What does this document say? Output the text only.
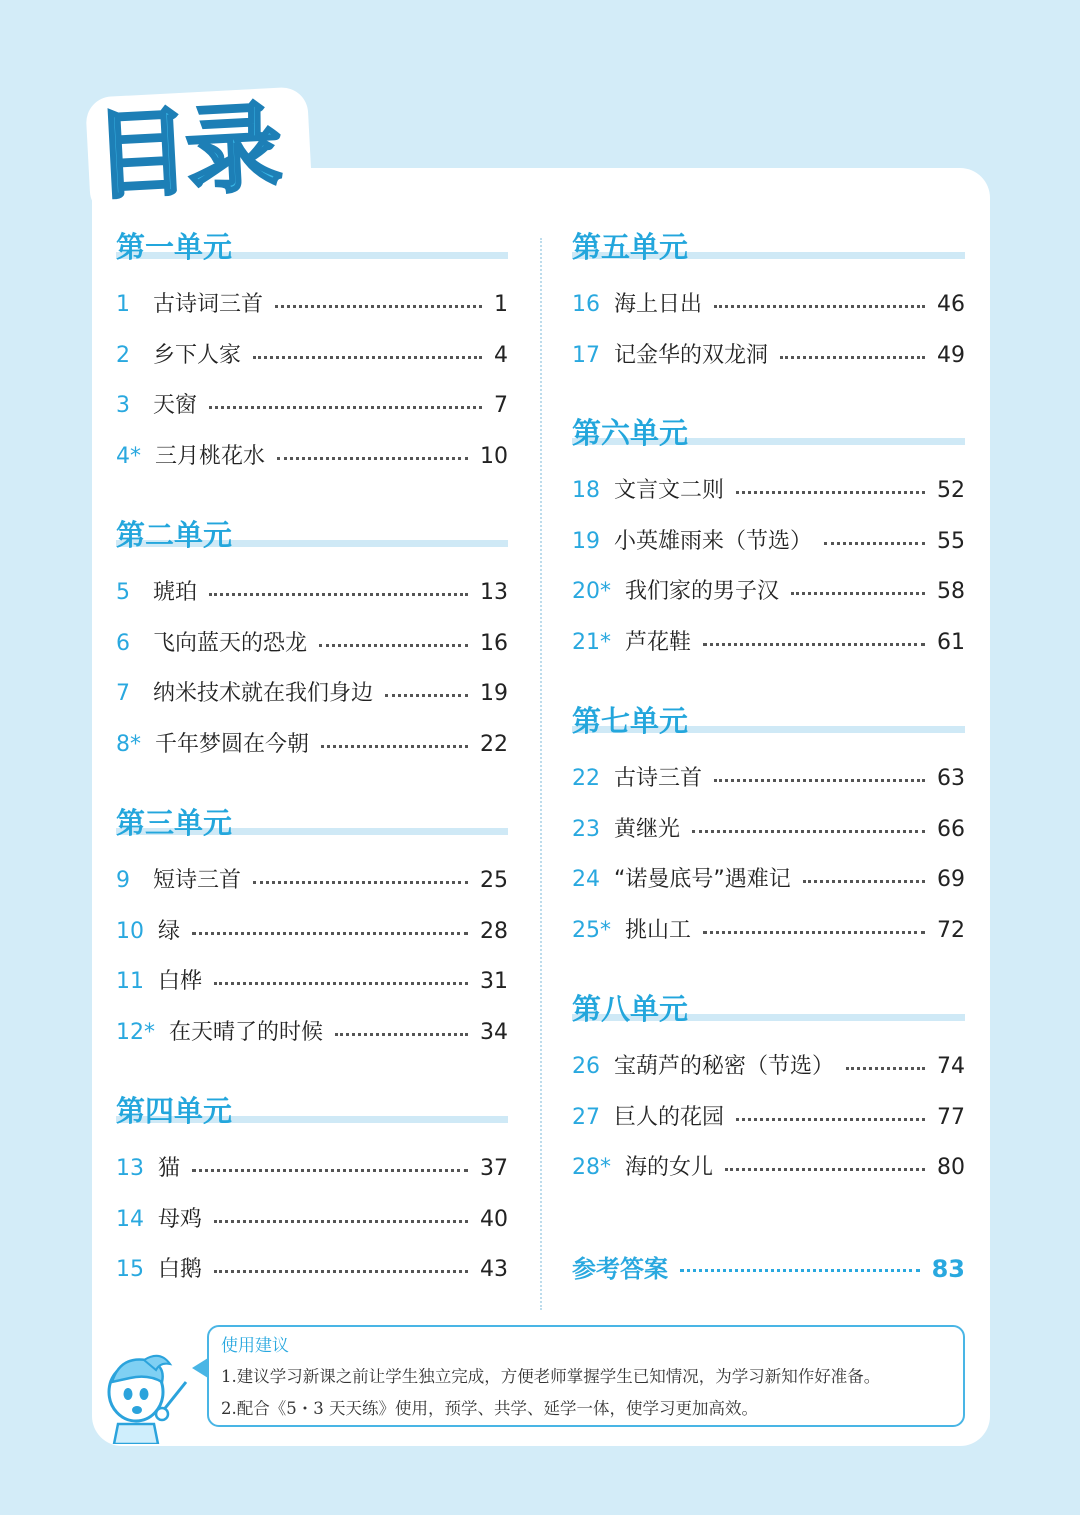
目录
第一单元
1 古诗词三首	1
2 乡下人家	4
3 天窗	7
4* 三月桃花水	10
第二单元
5 琥珀	13
6 飞向蓝天的恐龙	16
7 纳米技术就在我们身边	19
8* 千年梦圆在今朝	22
第三单元
9 短诗三首	25
10 绿	28
11 白桦	31
12* 在天晴了的时候	34
第四单元
13 猫	37
14 母鸡	40
15 白鹅	43
第五单元
16 海上日出	46
17 记金华的双龙洞	49
第六单元
18 文言文二则	52
19 小英雄雨来（节选）	55
20* 我们家的男子汉	58
21* 芦花鞋	61
第七单元
22 古诗三首	63
23 黄继光	66
24 “诺曼底号”遇难记	69
25* 挑山工	72
第八单元
26 宝葫芦的秘密（节选）	74
27 巨人的花园	77
28* 海的女儿	80
参考答案	83
使用建议
1.建议学习新课之前让学生独立完成，方便老师掌握学生已知情况，为学习新知作好准备。
2.配合《5・3 天天练》使用，预学、共学、延学一体，使学习更加高效。
